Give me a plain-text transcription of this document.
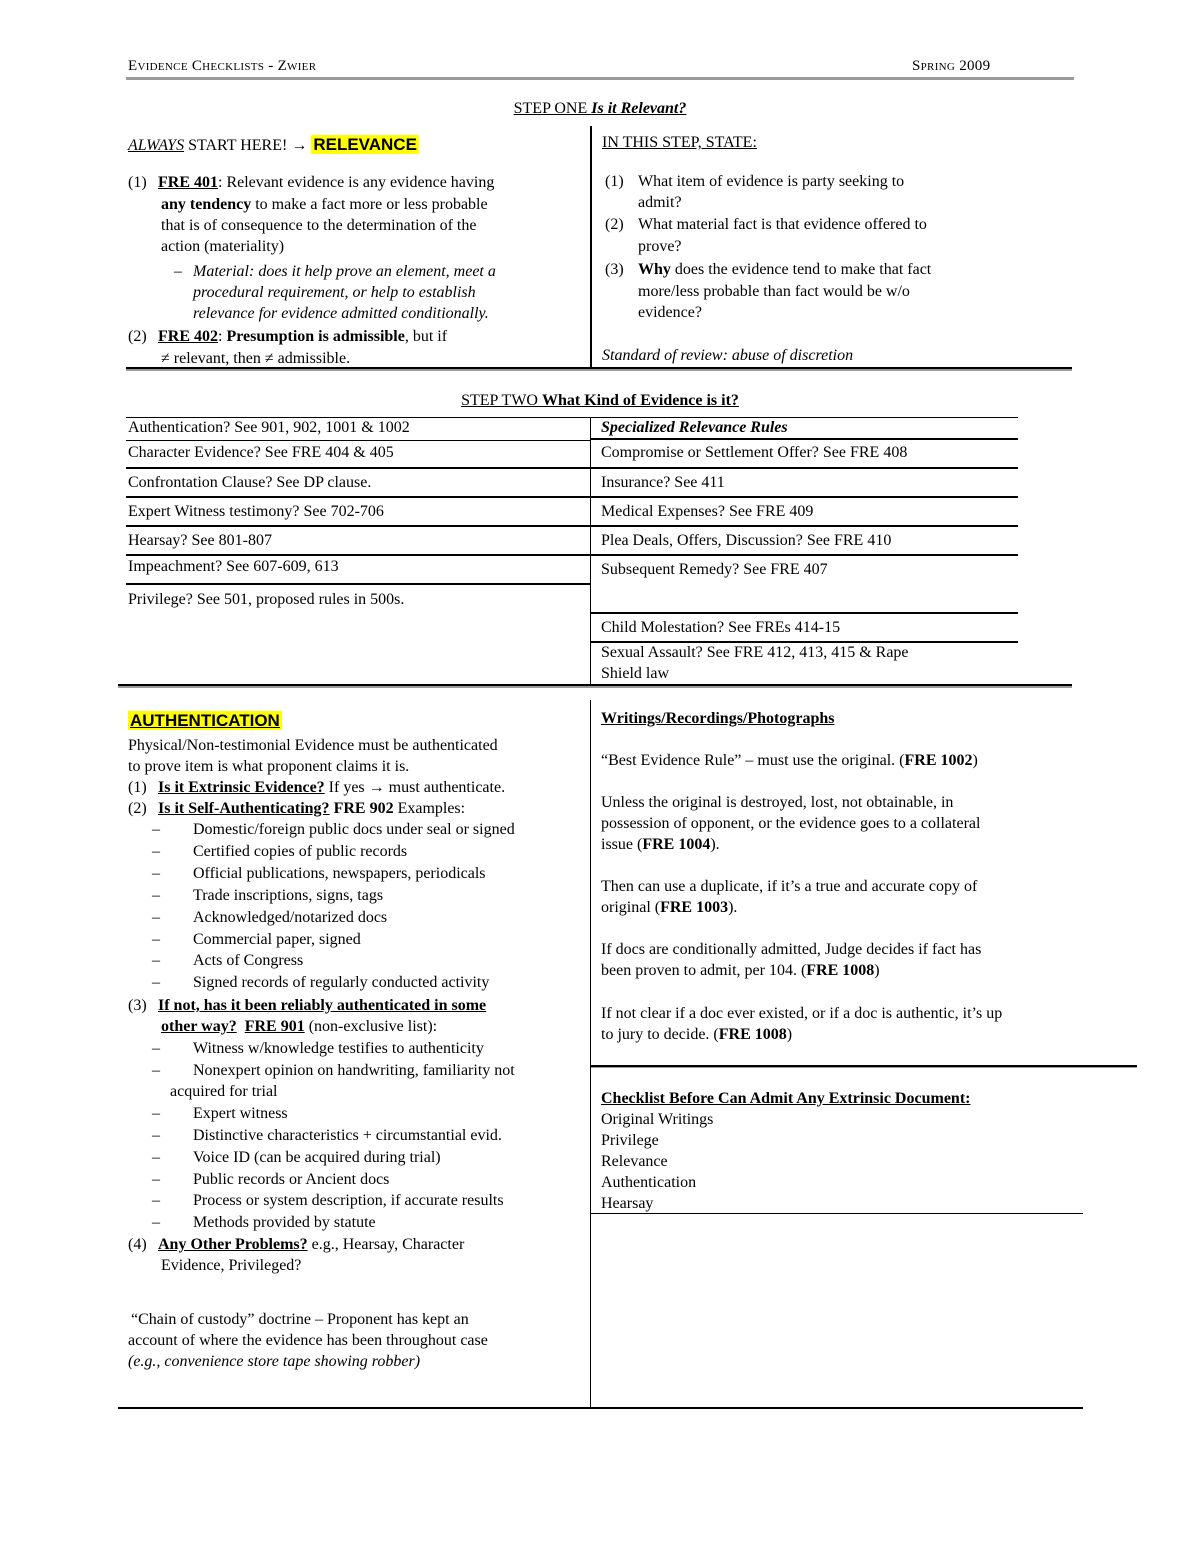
Evidence Checklists - Zwier	Spring 2009
STEP ONE Is it Relevant?
ALWAYS START HERE! → RELEVANCE
(1) FRE 401: Relevant evidence is any evidence having
any tendency to make a fact more or less probable
that is of consequence to the determination of the
action (materiality)
– Material: does it help prove an element, meet a
procedural requirement, or help to establish
relevance for evidence admitted conditionally.
(2) FRE 402: Presumption is admissible, but if
≠ relevant, then ≠ admissible.
IN THIS STEP, STATE:
(1) What item of evidence is party seeking to
admit?
(2) What material fact is that evidence offered to
prove?
(3) Why does the evidence tend to make that fact
more/less probable than fact would be w/o
evidence?
Standard of review: abuse of discretion
STEP TWO What Kind of Evidence is it?
Authentication? See 901, 902, 1001 & 1002
Character Evidence? See FRE 404 & 405
Confrontation Clause? See DP clause.
Expert Witness testimony? See 702-706
Hearsay? See 801-807
Impeachment? See 607-609, 613
Privilege? See 501, proposed rules in 500s.
Specialized Relevance Rules
Compromise or Settlement Offer? See FRE 408
Insurance? See 411
Medical Expenses? See FRE 409
Plea Deals, Offers, Discussion? See FRE 410
Subsequent Remedy? See FRE 407
Child Molestation? See FREs 414-15
Sexual Assault? See FRE 412, 413, 415 & Rape
Shield law
AUTHENTICATION
Physical/Non-testimonial Evidence must be authenticated
to prove item is what proponent claims it is.
(1) Is it Extrinsic Evidence? If yes → must authenticate.
(2) Is it Self-Authenticating? FRE 902 Examples:
– Domestic/foreign public docs under seal or signed
– Certified copies of public records
– Official publications, newspapers, periodicals
– Trade inscriptions, signs, tags
– Acknowledged/notarized docs
– Commercial paper, signed
– Acts of Congress
– Signed records of regularly conducted activity
(3) If not, has it been reliably authenticated in some
other way? FRE 901 (non-exclusive list):
– Witness w/knowledge testifies to authenticity
– Nonexpert opinion on handwriting, familiarity not
– Expert witness
– Distinctive characteristics + circumstantial evid.
– Voice ID (can be acquired during trial)
– Public records or Ancient docs
– Process or system description, if accurate results
– Methods provided by statute
acquired for trial
(4) Any Other Problems? e.g., Hearsay, Character
Evidence, Privileged?
“Chain of custody” doctrine – Proponent has kept an
account of where the evidence has been throughout case
(e.g., convenience store tape showing robber)
Writings/Recordings/Photographs
“Best Evidence Rule” – must use the original. (FRE 1002)
Unless the original is destroyed, lost, not obtainable, in
possession of opponent, or the evidence goes to a collateral
issue (FRE 1004).
Then can use a duplicate, if it’s a true and accurate copy of
original (FRE 1003).
If docs are conditionally admitted, Judge decides if fact has
been proven to admit, per 104. (FRE 1008)
If not clear if a doc ever existed, or if a doc is authentic, it’s up
to jury to decide. (FRE 1008)
Checklist Before Can Admit Any Extrinsic Document:
Original Writings
Privilege
Relevance
Authentication
Hearsay
